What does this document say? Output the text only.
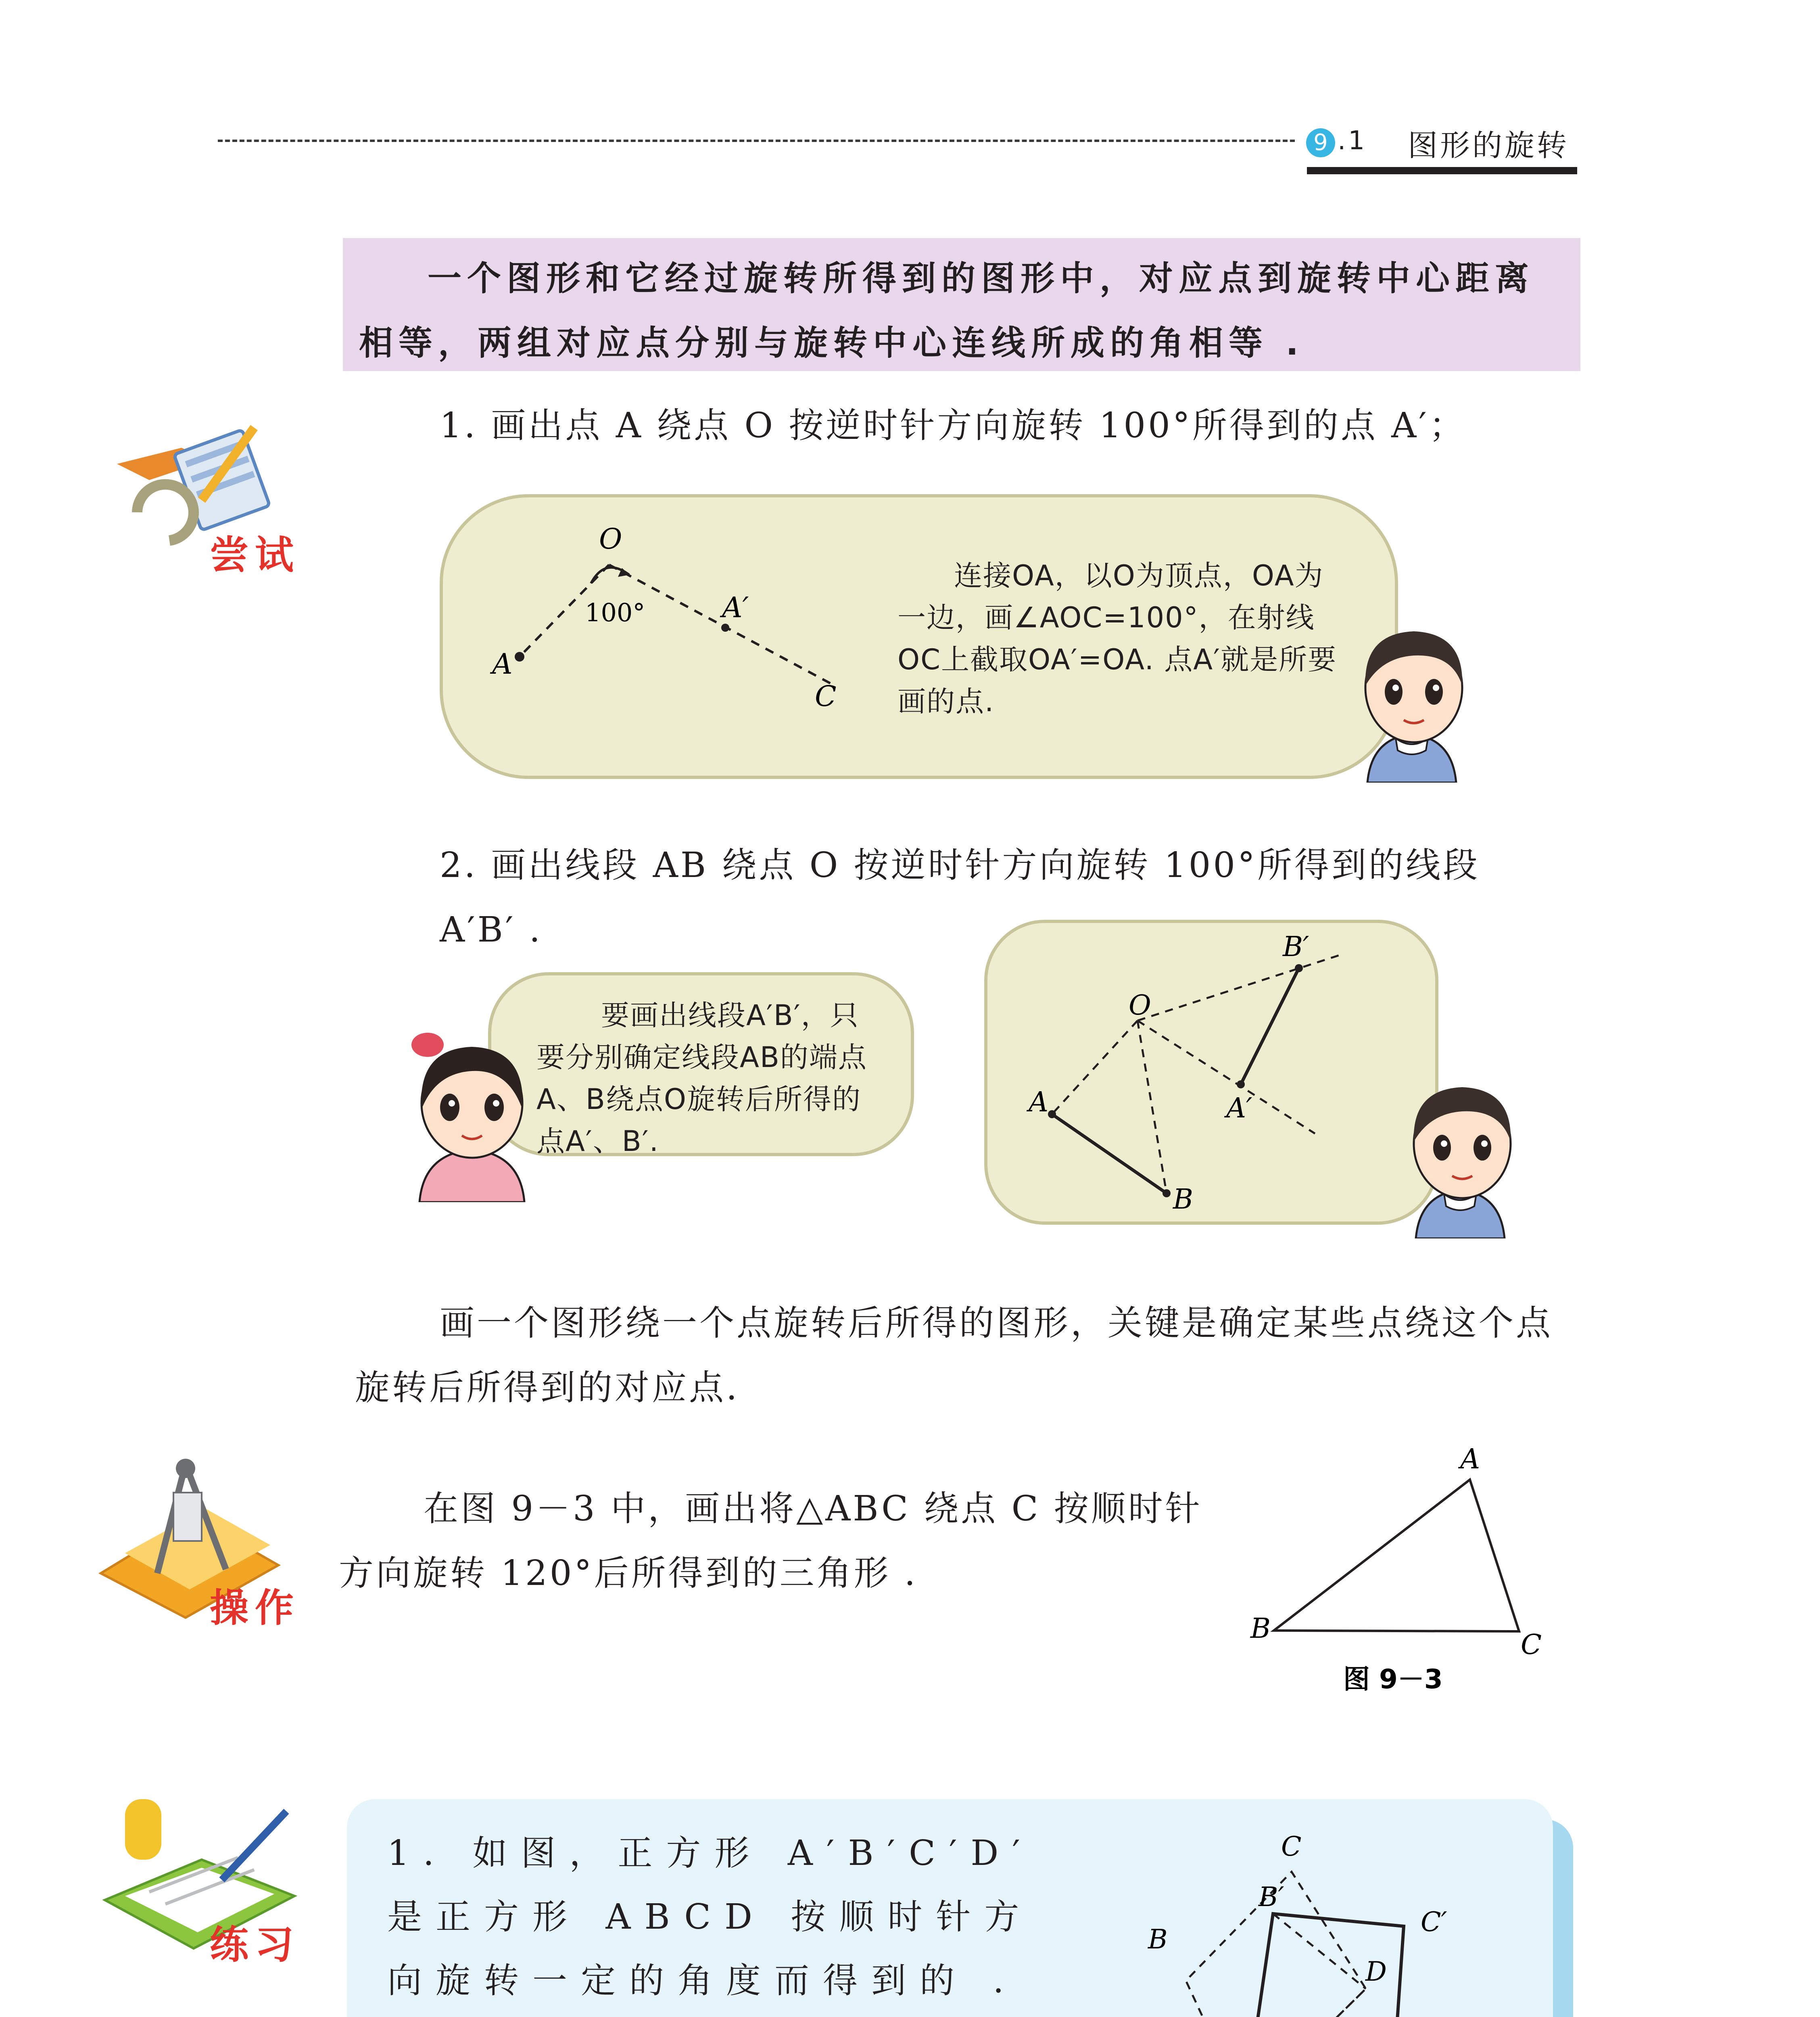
9 .1 图形的旋转
一个图形和它经过旋转所得到的图形中，对应点到旋转中心距离相等，两组对应点分别与旋转中心连线所成的角相等 .
尝试
1. 画出点 A 绕点 O 按逆时针方向旋转 100°所得到的点 A′；
O
100°	A′
A
C
连接OA，以O为顶点，OA为一边，画∠AOC=100°，在射线OC上截取OA′=OA. 点A′就是所要画的点.
2. 画出线段 AB 绕点 O 按逆时针方向旋转 100°所得到的线段 A′B′ .
要画出线段A′B′，只要分别确定线段AB的端点A、B绕点O旋转后所得的点A′、B′.
O
A
B
A′
B′
画一个图形绕一个点旋转后所得的图形，关键是确定某些点绕这个点旋转后所得到的对应点.
操作
在图 9－3 中，画出将△ABC 绕点 C 按顺时针方向旋转 120°后所得到的三角形 .
A
B
C
图 9－3
练习
1. 如图，正方形 A′B′C′D′ 是正方形 ABCD 按顺时针方向旋转一定的角度而得到的 .
C
B′
C′
B
D
